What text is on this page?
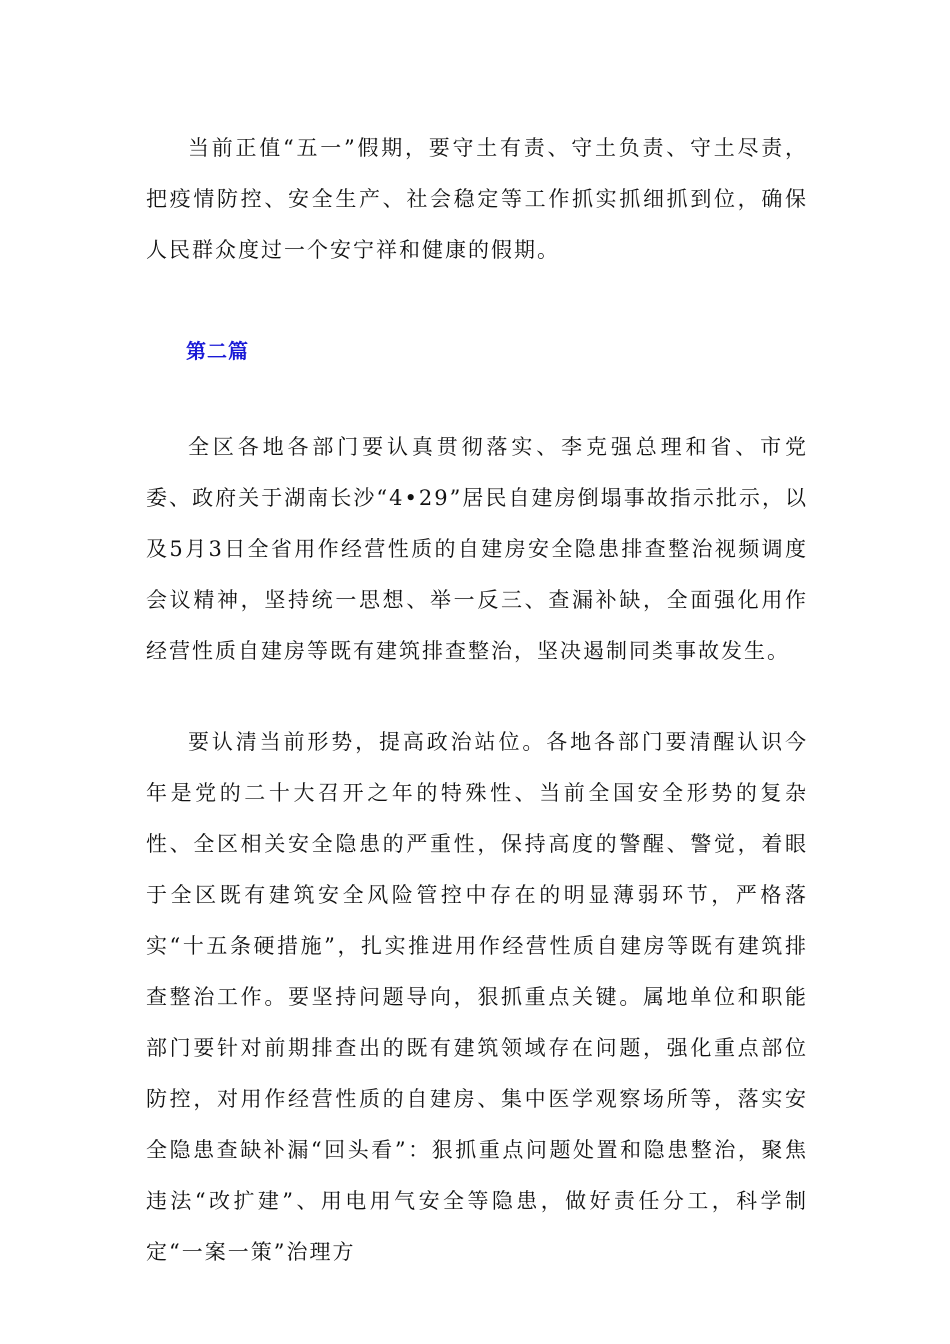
当前正值“五一”假期，要守土有责、守土负责、守土尽责，把疫情防控、安全生产、社会稳定等工作抓实抓细抓到位，确保人民群众度过一个安宁祥和健康的假期。

第二篇

全区各地各部门要认真贯彻落实、李克强总理和省、市党委、政府关于湖南长沙“4•29”居民自建房倒塌事故指示批示，以及5月3日全省用作经营性质的自建房安全隐患排查整治视频调度会议精神，坚持统一思想、举一反三、查漏补缺，全面强化用作经营性质自建房等既有建筑排查整治，坚决遏制同类事故发生。

要认清当前形势，提高政治站位。各地各部门要清醒认识今年是党的二十大召开之年的特殊性、当前全国安全形势的复杂性、全区相关安全隐患的严重性，保持高度的警醒、警觉，着眼于全区既有建筑安全风险管控中存在的明显薄弱环节，严格落实“十五条硬措施”，扎实推进用作经营性质自建房等既有建筑排查整治工作。要坚持问题导向，狠抓重点关键。属地单位和职能部门要针对前期排查出的既有建筑领域存在问题，强化重点部位防控，对用作经营性质的自建房、集中医学观察场所等，落实安全隐患查缺补漏“回头看”：狠抓重点问题处置和隐患整治，聚焦违法“改扩建”、用电用气安全等隐患，做好责任分工，科学制定“一案一策”治理方
